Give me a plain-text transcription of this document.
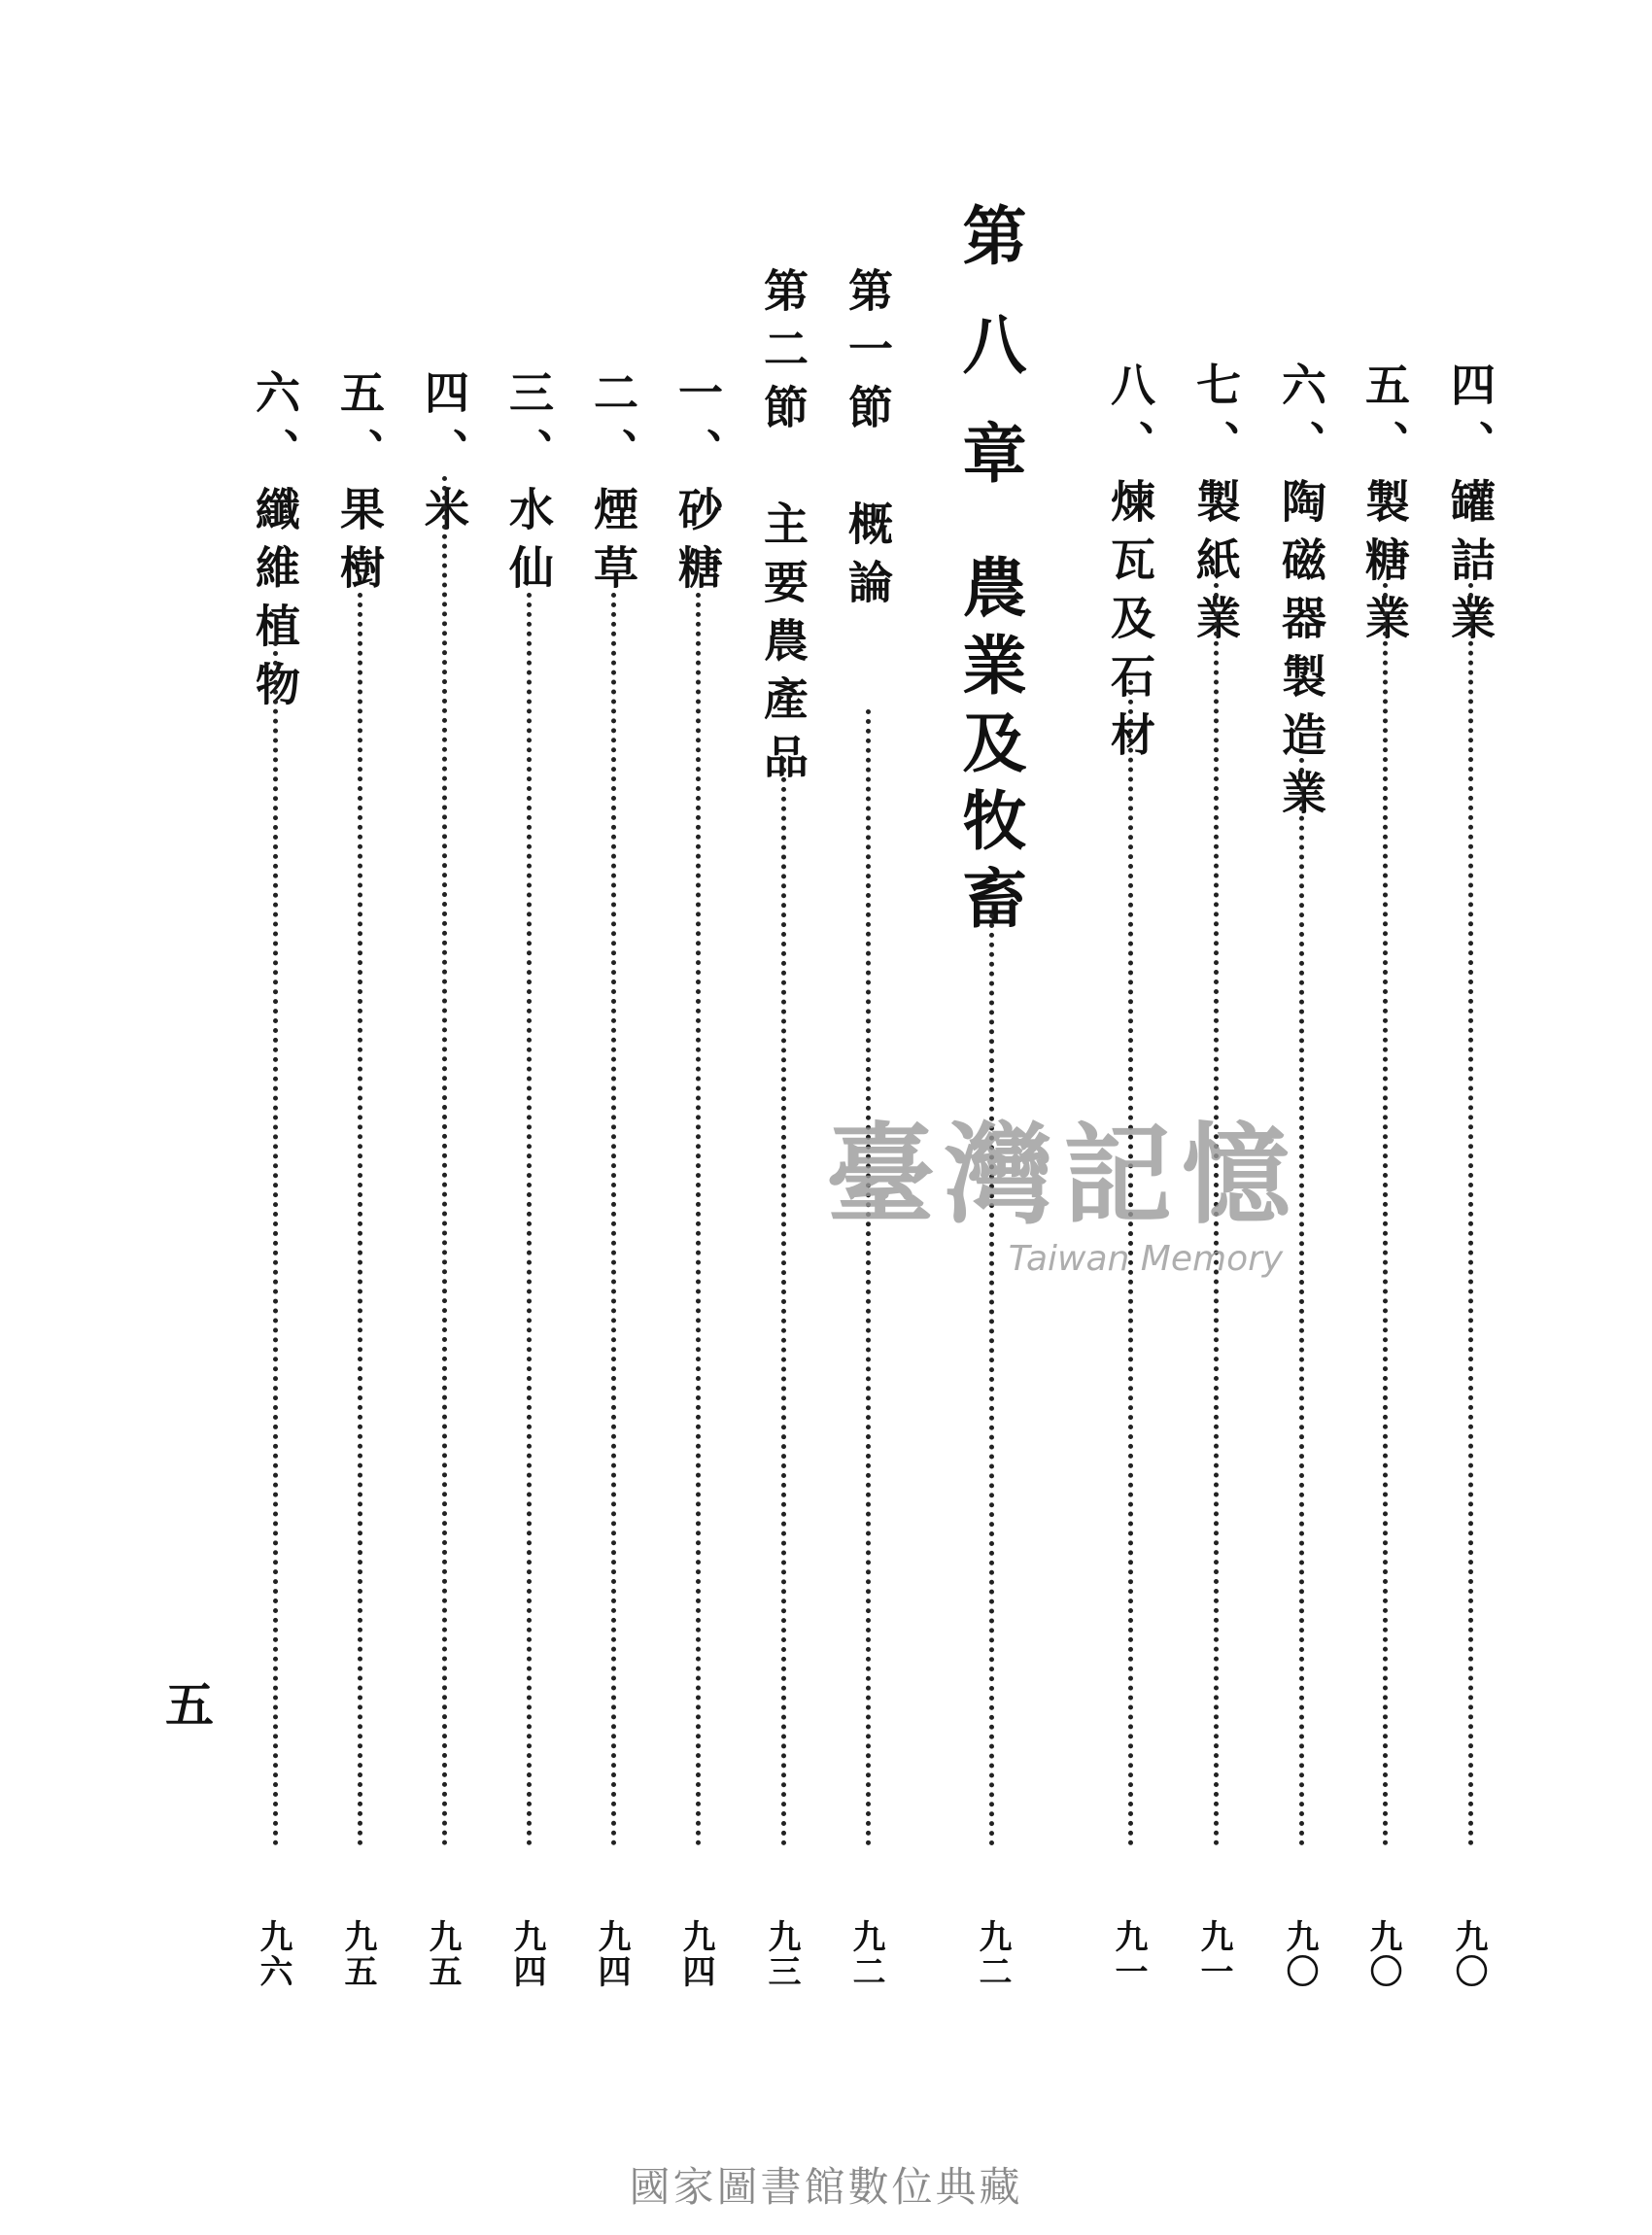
四、罐詰業
九〇
五、製糖業
九〇
六、陶磁器製造業
九〇
七、製紙業
九一
八、煉瓦及石材
九一
第八章
農業及牧畜
九二
第一節　概論
九二
第二節　主要農產品
九三
一、砂糖
九四
二、煙草
九四
三、水仙
九四
四、米
九五
五、果樹
九五
六、纖維植物
九六
五
臺灣記憶
Taiwan Memory
國家圖書館數位典藏
